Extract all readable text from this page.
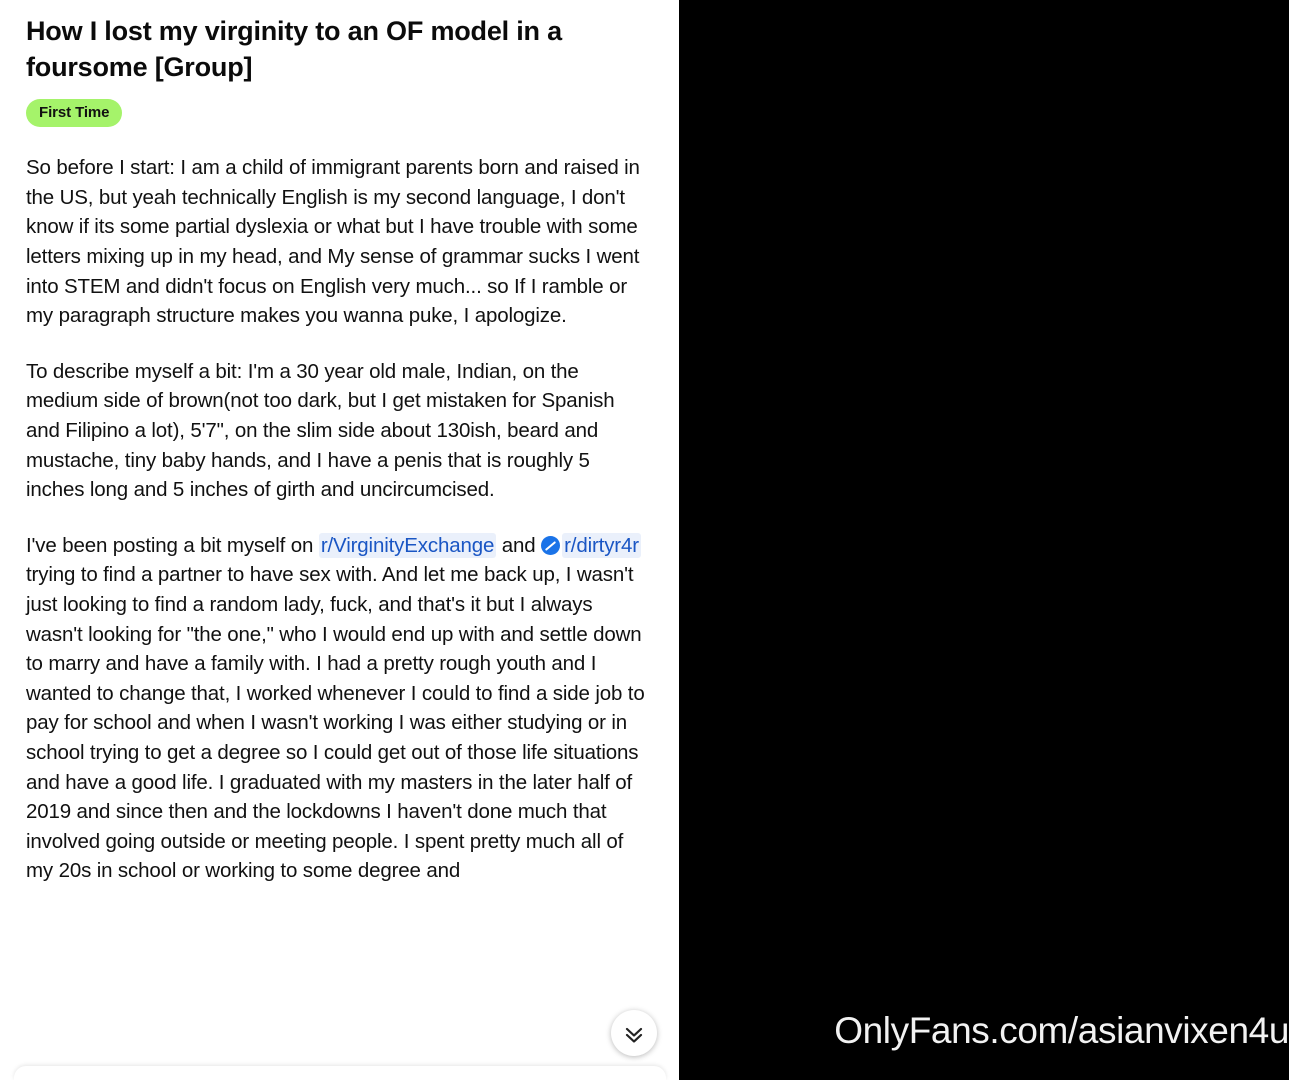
How I lost my virginity to an OF model in a foursome [Group]
First Time

So before I start: I am a child of immigrant parents born and raised in the US, but yeah technically English is my second language, I don't know if its some partial dyslexia or what but I have trouble with some letters mixing up in my head, and My sense of grammar sucks I went into STEM and didn't focus on English very much... so If I ramble or my paragraph structure makes you wanna puke, I apologize.

To describe myself a bit: I'm a 30 year old male, Indian, on the medium side of brown(not too dark, but I get mistaken for Spanish and Filipino a lot), 5'7", on the slim side about 130ish, beard and mustache, tiny baby hands, and I have a penis that is roughly 5 inches long and 5 inches of girth and uncircumcised.

I've been posting a bit myself on r/VirginityExchange and r/dirtyr4r trying to find a partner to have sex with. And let me back up, I wasn't just looking to find a random lady, fuck, and that's it but I always wasn't looking for "the one," who I would end up with and settle down to marry and have a family with. I had a pretty rough youth and I wanted to change that, I worked whenever I could to find a side job to pay for school and when I wasn't working I was either studying or in school trying to get a degree so I could get out of those life situations and have a good life. I graduated with my masters in the later half of 2019 and since then and the lockdowns I haven't done much that involved going outside or meeting people. I spent pretty much all of my 20s in school or working to some degree and

OnlyFans.com/asianvixen4u
